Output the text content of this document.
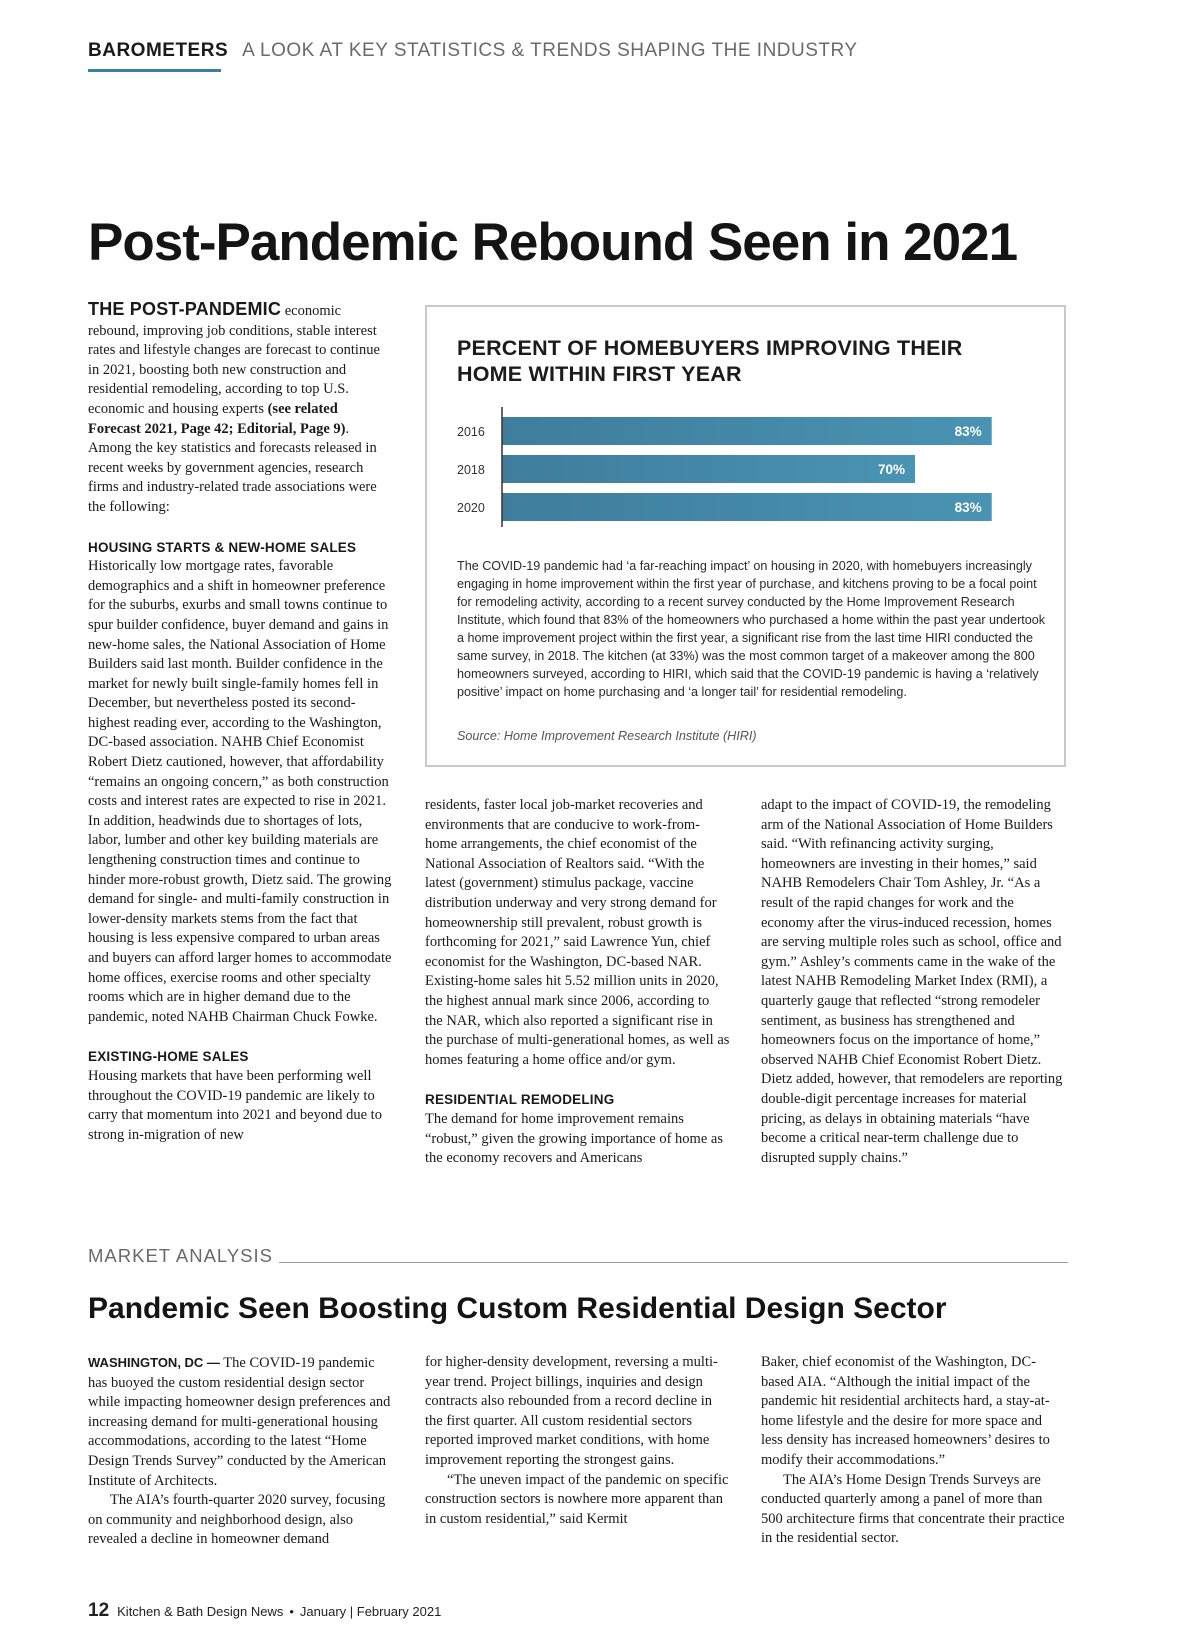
BAROMETERS A LOOK AT KEY STATISTICS & TRENDS SHAPING THE INDUSTRY
Post-Pandemic Rebound Seen in 2021

THE POST-PANDEMIC economic rebound, improving job conditions, stable interest rates and lifestyle changes are forecast to continue in 2021, boosting both new construction and residential remodeling, according to top U.S. economic and housing experts (see related Forecast 2021, Page 42; Editorial, Page 9). Among the key statistics and forecasts released in recent weeks by government agencies, research firms and industry-related trade associations were the following:

HOUSING STARTS & NEW-HOME SALES

Historically low mortgage rates, favorable demographics and a shift in homeowner preference for the suburbs, exurbs and small towns continue to spur builder confidence, buyer demand and gains in new-home sales, the National Association of Home Builders said last month. Builder confidence in the market for newly built single-family homes fell in December, but nevertheless posted its second-highest reading ever, according to the Washington, DC-based association. NAHB Chief Economist Robert Dietz cautioned, however, that affordability “remains an ongoing concern,” as both construction costs and interest rates are expected to rise in 2021. In addition, headwinds due to shortages of lots, labor, lumber and other key building materials are lengthening construction times and continue to hinder more-robust growth, Dietz said. The growing demand for single- and multi-family construction in lower-density markets stems from the fact that housing is less expensive compared to urban areas and buyers can afford larger homes to accommodate home offices, exercise rooms and other specialty rooms which are in higher demand due to the pandemic, noted NAHB Chairman Chuck Fowke.

EXISTING-HOME SALES

Housing markets that have been performing well throughout the COVID-19 pandemic are likely to carry that momentum into 2021 and beyond due to strong in-migration of new

PERCENT OF HOMEBUYERS IMPROVING THEIR HOME WITHIN FIRST YEAR
2016	83%
2018	70%
2020	83%
The COVID-19 pandemic had ‘a far-reaching impact’ on housing in 2020, with homebuyers increasingly engaging in home improvement within the first year of purchase, and kitchens proving to be a focal point for remodeling activity, according to a recent survey conducted by the Home Improvement Research Institute, which found that 83% of the homeowners who purchased a home within the past year undertook a home improvement project within the first year, a significant rise from the last time HIRI conducted the same survey, in 2018. The kitchen (at 33%) was the most common target of a makeover among the 800 homeowners surveyed, according to HIRI, which said that the COVID-19 pandemic is having a ‘relatively positive’ impact on home purchasing and ‘a longer tail’ for residential remodeling.
Source: Home Improvement Research Institute (HIRI)

residents, faster local job-market recoveries and environments that are conducive to work-from-home arrangements, the chief economist of the National Association of Realtors said. “With the latest (government) stimulus package, vaccine distribution underway and very strong demand for homeownership still prevalent, robust growth is forthcoming for 2021,” said Lawrence Yun, chief economist for the Washington, DC-based NAR. Existing-home sales hit 5.52 million units in 2020, the highest annual mark since 2006, according to the NAR, which also reported a significant rise in the purchase of multi-generational homes, as well as homes featuring a home office and/or gym.

RESIDENTIAL REMODELING

The demand for home improvement remains “robust,” given the growing importance of home as the economy recovers and Americans

adapt to the impact of COVID-19, the remodeling arm of the National Association of Home Builders said. “With refinancing activity surging, homeowners are investing in their homes,” said NAHB Remodelers Chair Tom Ashley, Jr. “As a result of the rapid changes for work and the economy after the virus-induced recession, homes are serving multiple roles such as school, office and gym.” Ashley’s comments came in the wake of the latest NAHB Remodeling Market Index (RMI), a quarterly gauge that reflected “strong remodeler sentiment, as business has strengthened and homeowners focus on the importance of home,” observed NAHB Chief Economist Robert Dietz. Dietz added, however, that remodelers are reporting double-digit percentage increases for material pricing, as delays in obtaining materials “have become a critical near-term challenge due to disrupted supply chains.”

MARKET ANALYSIS
Pandemic Seen Boosting Custom Residential Design Sector

WASHINGTON, DC — The COVID-19 pandemic has buoyed the custom residential design sector while impacting homeowner design preferences and increasing demand for multi-generational housing accommodations, according to the latest “Home Design Trends Survey” conducted by the American Institute of Architects.

The AIA’s fourth-quarter 2020 survey, focusing on community and neighborhood design, also revealed a decline in homeowner demand

for higher-density development, reversing a multi-year trend. Project billings, inquiries and design contracts also rebounded from a record decline in the first quarter. All custom residential sectors reported improved market conditions, with home improvement reporting the strongest gains.

“The uneven impact of the pandemic on specific construction sectors is nowhere more apparent than in custom residential,” said Kermit

Baker, chief economist of the Washington, DC-based AIA. “Although the initial impact of the pandemic hit residential architects hard, a stay-at-home lifestyle and the desire for more space and less density has increased homeowners’ desires to modify their accommodations.”

The AIA’s Home Design Trends Surveys are conducted quarterly among a panel of more than 500 architecture firms that concentrate their practice in the residential sector.

12 Kitchen & Bath Design News • January | February 2021
